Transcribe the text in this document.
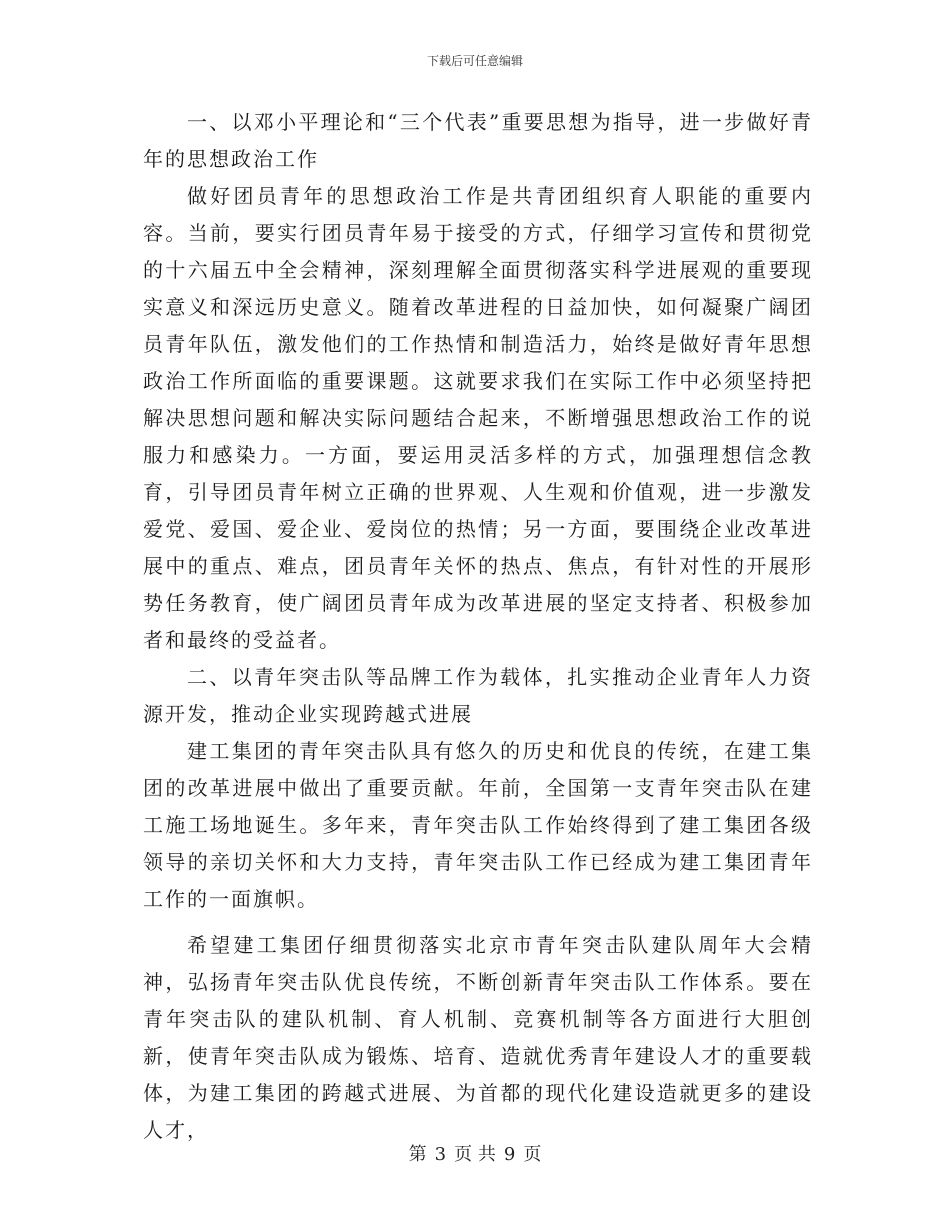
下载后可任意编辑

一、以邓小平理论和“三个代表”重要思想为指导，进一步做好青年的思想政治工作

做好团员青年的思想政治工作是共青团组织育人职能的重要内容。当前，要实行团员青年易于接受的方式，仔细学习宣传和贯彻党的十六届五中全会精神，深刻理解全面贯彻落实科学进展观的重要现实意义和深远历史意义。随着改革进程的日益加快，如何凝聚广阔团员青年队伍，激发他们的工作热情和制造活力，始终是做好青年思想政治工作所面临的重要课题。这就要求我们在实际工作中必须坚持把解决思想问题和解决实际问题结合起来，不断增强思想政治工作的说服力和感染力。一方面，要运用灵活多样的方式，加强理想信念教育，引导团员青年树立正确的世界观、人生观和价值观，进一步激发爱党、爱国、爱企业、爱岗位的热情；另一方面，要围绕企业改革进展中的重点、难点，团员青年关怀的热点、焦点，有针对性的开展形势任务教育，使广阔团员青年成为改革进展的坚定支持者、积极参加者和最终的受益者。

二、以青年突击队等品牌工作为载体，扎实推动企业青年人力资源开发，推动企业实现跨越式进展

建工集团的青年突击队具有悠久的历史和优良的传统，在建工集团的改革进展中做出了重要贡献。年前，全国第一支青年突击队在建工施工场地诞生。多年来，青年突击队工作始终得到了建工集团各级领导的亲切关怀和大力支持，青年突击队工作已经成为建工集团青年工作的一面旗帜。

希望建工集团仔细贯彻落实北京市青年突击队建队周年大会精神，弘扬青年突击队优良传统，不断创新青年突击队工作体系。要在青年突击队的建队机制、育人机制、竞赛机制等各方面进行大胆创新，使青年突击队成为锻炼、培育、造就优秀青年建设人才的重要载体，为建工集团的跨越式进展、为首都的现代化建设造就更多的建设人才，

第 3 页 共 9 页
